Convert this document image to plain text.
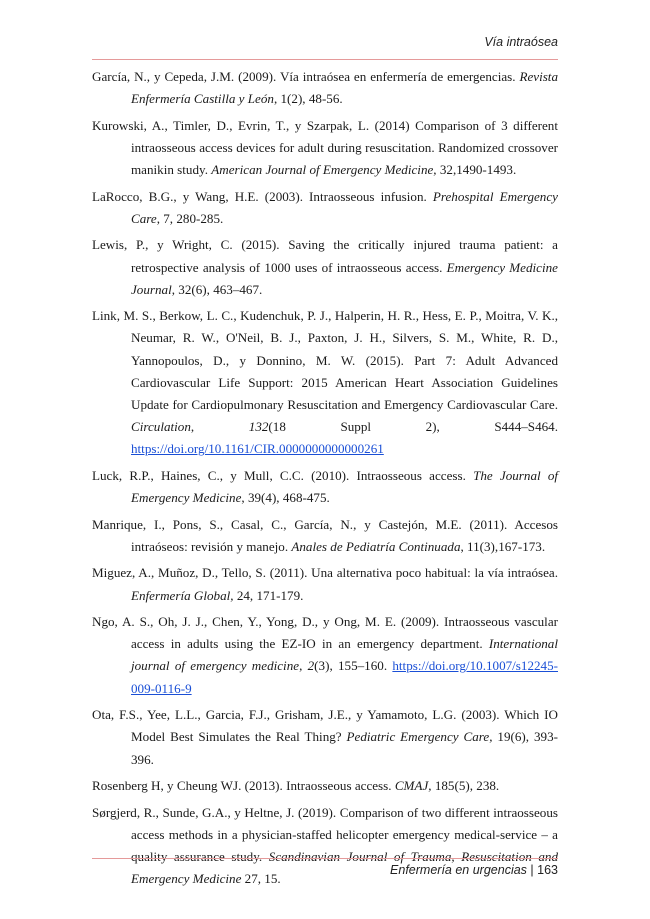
Vía intraósea

García, N., y Cepeda, J.M. (2009). Vía intraósea en enfermería de emergencias. Revista Enfermería Castilla y León, 1(2), 48-56.

Kurowski, A., Timler, D., Evrin, T., y Szarpak, L. (2014) Comparison of 3 different intraosseous access devices for adult during resuscitation. Randomized crossover manikin study. American Journal of Emergency Medicine, 32,1490-1493.

LaRocco, B.G., y Wang, H.E. (2003). Intraosseous infusion. Prehospital Emergency Care, 7, 280-285.

Lewis, P., y Wright, C. (2015). Saving the critically injured trauma patient: a retrospective analysis of 1000 uses of intraosseous access. Emergency Medicine Journal, 32(6), 463–467.

Link, M. S., Berkow, L. C., Kudenchuk, P. J., Halperin, H. R., Hess, E. P., Moitra, V. K., Neumar, R. W., O'Neil, B. J., Paxton, J. H., Silvers, S. M., White, R. D., Yannopoulos, D., y Donnino, M. W. (2015). Part 7: Adult Advanced Cardiovascular Life Support: 2015 American Heart Association Guidelines Update for Cardiopulmonary Resuscitation and Emergency Cardiovascular Care. Circulation, 132(18 Suppl 2), S444–S464. https://doi.org/10.1161/CIR.0000000000000261

Luck, R.P., Haines, C., y Mull, C.C. (2010). Intraosseous access. The Journal of Emergency Medicine, 39(4), 468-475.

Manrique, I., Pons, S., Casal, C., García, N., y Castejón, M.E. (2011). Accesos intraóseos: revisión y manejo. Anales de Pediatría Continuada, 11(3),167-173.

Miguez, A., Muñoz, D., Tello, S. (2011). Una alternativa poco habitual: la vía intraósea. Enfermería Global, 24, 171-179.

Ngo, A. S., Oh, J. J., Chen, Y., Yong, D., y Ong, M. E. (2009). Intraosseous vascular access in adults using the EZ-IO in an emergency department. International journal of emergency medicine, 2(3), 155–160. https://doi.org/10.1007/s12245-009-0116-9

Ota, F.S., Yee, L.L., Garcia, F.J., Grisham, J.E., y Yamamoto, L.G. (2003). Which IO Model Best Simulates the Real Thing? Pediatric Emergency Care, 19(6), 393-396.

Rosenberg H, y Cheung WJ. (2013). Intraosseous access. CMAJ, 185(5), 238.

Sørgjerd, R., Sunde, G.A., y Heltne, J. (2019). Comparison of two different intraosseous access methods in a physician-staffed helicopter emergency medical-service – a quality assurance study. Scandinavian Journal of Trauma, Resuscitation and Emergency Medicine 27, 15.

Enfermería en urgencias | 163
